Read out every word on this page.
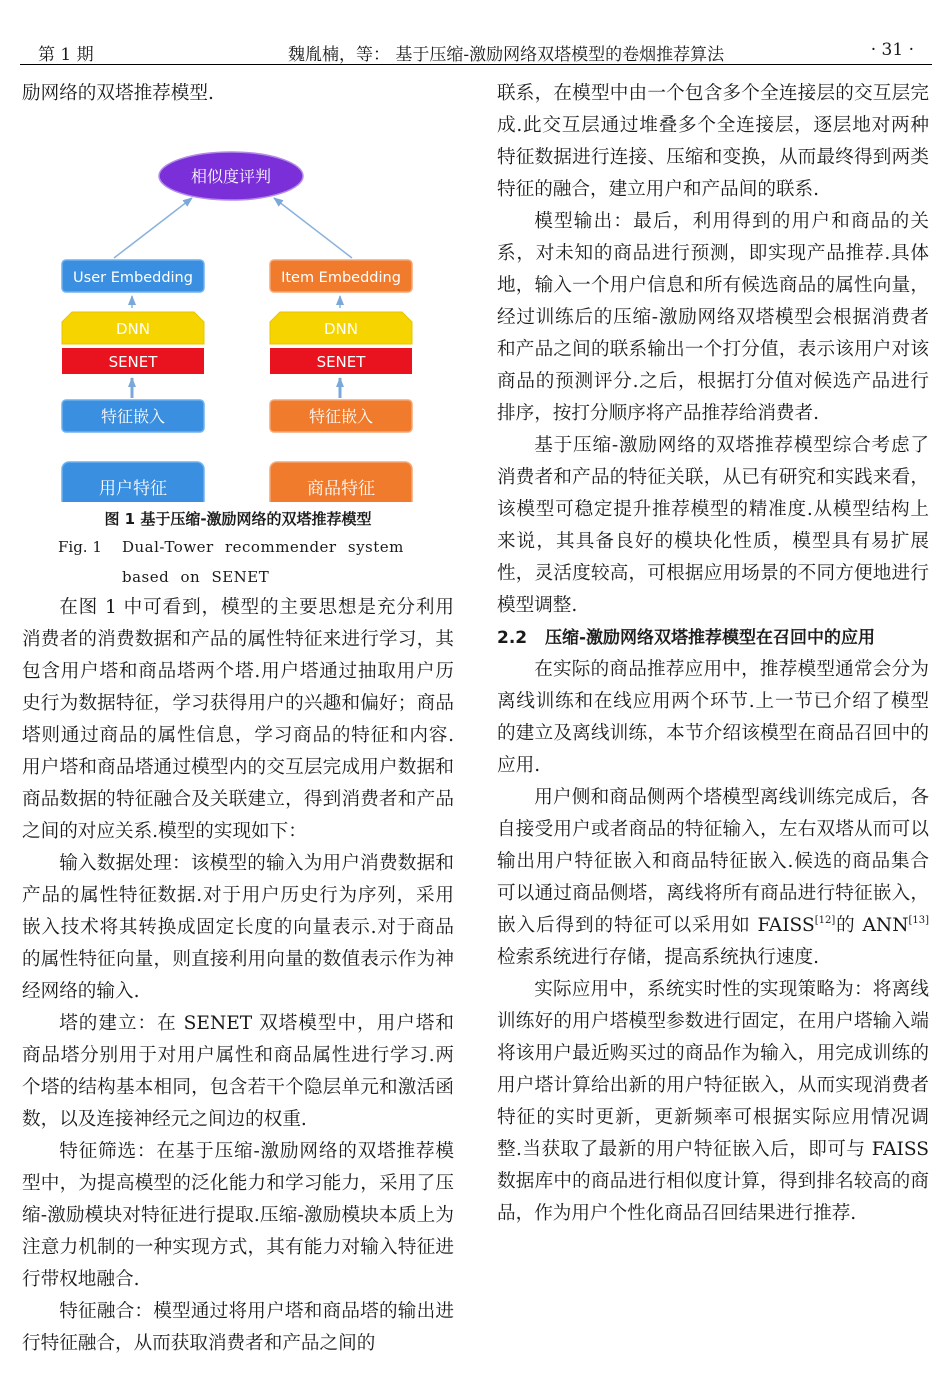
第 1 期	魏胤楠，等： 基于压缩-激励网络双塔模型的卷烟推荐算法	· 31 ·

励网络的双塔推荐模型.

相似度评判
User Embedding	Item Embedding
DNN	DNN
SENET	SENET
特征嵌入	特征嵌入
用户特征	商品特征
图 1 基于压缩-激励网络的双塔推荐模型
Fig. 1	Dual-Tower recommender system based on SENET

在图 1 中可看到，模型的主要思想是充分利用消费者的消费数据和产品的属性特征来进行学习，其包含用户塔和商品塔两个塔.用户塔通过抽取用户历史行为数据特征，学习获得用户的兴趣和偏好；商品塔则通过商品的属性信息，学习商品的特征和内容.用户塔和商品塔通过模型内的交互层完成用户数据和商品数据的特征融合及关联建立，得到消费者和产品之间的对应关系.模型的实现如下：

输入数据处理：该模型的输入为用户消费数据和产品的属性特征数据.对于用户历史行为序列，采用嵌入技术将其转换成固定长度的向量表示.对于商品的属性特征向量，则直接利用向量的数值表示作为神经网络的输入.

塔的建立：在 SENET 双塔模型中，用户塔和商品塔分别用于对用户属性和商品属性进行学习.两个塔的结构基本相同，包含若干个隐层单元和激活函数，以及连接神经元之间边的权重.

特征筛选：在基于压缩-激励网络的双塔推荐模型中，为提高模型的泛化能力和学习能力，采用了压缩-激励模块对特征进行提取.压缩-激励模块本质上为注意力机制的一种实现方式，其有能力对输入特征进行带权地融合.

特征融合：模型通过将用户塔和商品塔的输出进行特征融合，从而获取消费者和产品之间的

联系，在模型中由一个包含多个全连接层的交互层完成.此交互层通过堆叠多个全连接层，逐层地对两种特征数据进行连接、压缩和变换，从而最终得到两类特征的融合，建立用户和产品间的联系.

模型输出：最后，利用得到的用户和商品的关系，对未知的商品进行预测，即实现产品推荐.具体地，输入一个用户信息和所有候选商品的属性向量，经过训练后的压缩-激励网络双塔模型会根据消费者和产品之间的联系输出一个打分值，表示该用户对该商品的预测评分.之后，根据打分值对候选产品进行排序，按打分顺序将产品推荐给消费者.

基于压缩-激励网络的双塔推荐模型综合考虑了消费者和产品的特征关联，从已有研究和实践来看，该模型可稳定提升推荐模型的精准度.从模型结构上来说，其具备良好的模块化性质，模型具有易扩展性，灵活度较高，可根据应用场景的不同方便地进行模型调整.

2.2	压缩-激励网络双塔推荐模型在召回中的应用

在实际的商品推荐应用中，推荐模型通常会分为离线训练和在线应用两个环节.上一节已介绍了模型的建立及离线训练，本节介绍该模型在商品召回中的应用.

用户侧和商品侧两个塔模型离线训练完成后，各自接受用户或者商品的特征输入，左右双塔从而可以输出用户特征嵌入和商品特征嵌入.候选的商品集合可以通过商品侧塔，离线将所有商品进行特征嵌入，嵌入后得到的特征可以采用如 FAISS[12]的 ANN[13]检索系统进行存储，提高系统执行速度.

实际应用中，系统实时性的实现策略为：将离线训练好的用户塔模型参数进行固定，在用户塔输入端将该用户最近购买过的商品作为输入，用完成训练的用户塔计算给出新的用户特征嵌入，从而实现消费者特征的实时更新，更新频率可根据实际应用情况调整.当获取了最新的用户特征嵌入后，即可与 FAISS 数据库中的商品进行相似度计算，得到排名较高的商品，作为用户个性化商品召回结果进行推荐.
